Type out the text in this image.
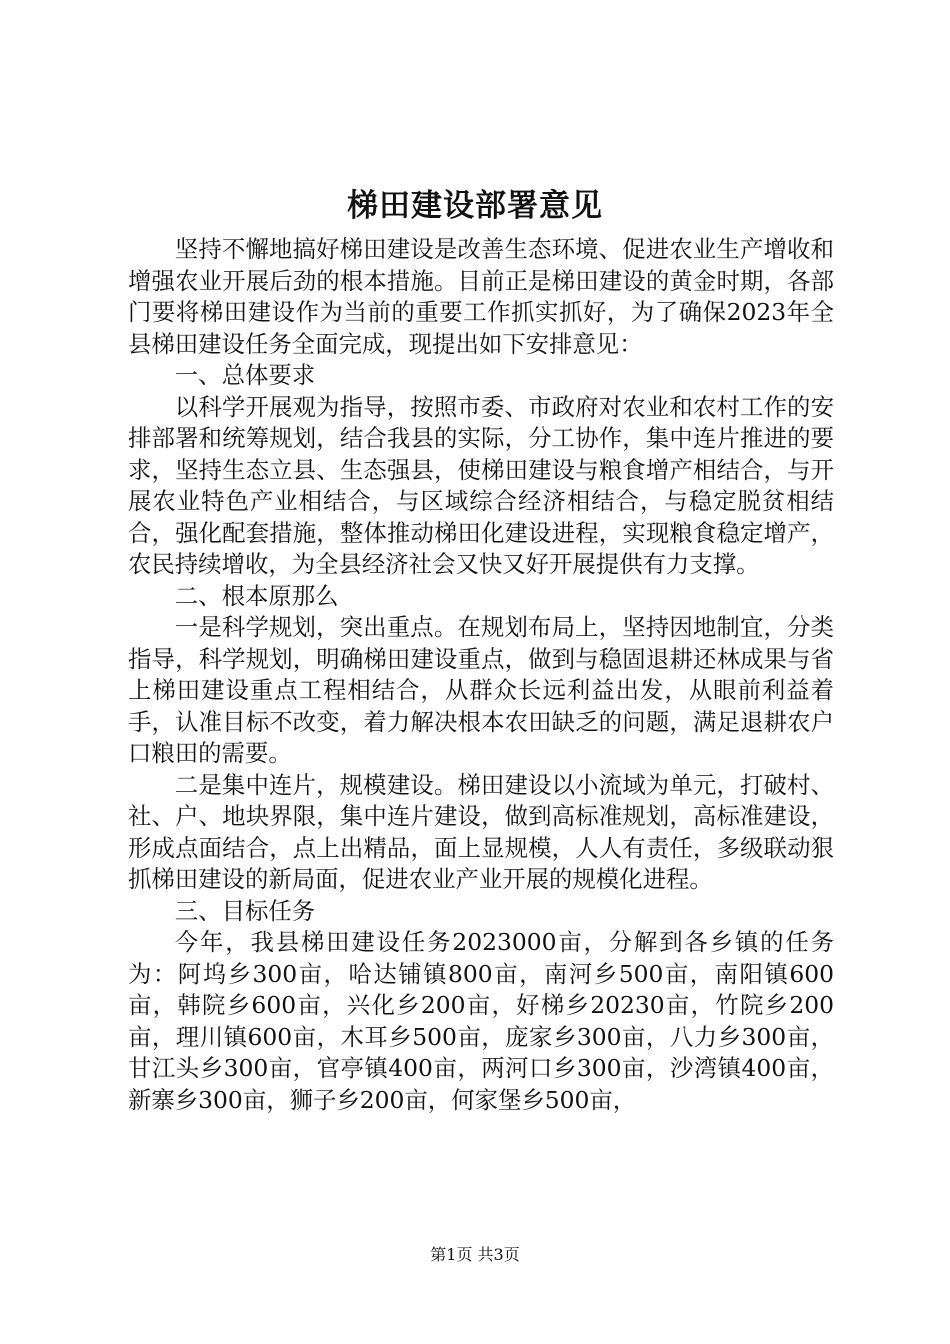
梯田建设部署意见

坚持不懈地搞好梯田建设是改善生态环境、促进农业生产增收和增强农业开展后劲的根本措施。目前正是梯田建设的黄金时期，各部门要将梯田建设作为当前的重要工作抓实抓好，为了确保2023年全县梯田建设任务全面完成，现提出如下安排意见：

一、总体要求

以科学开展观为指导，按照市委、市政府对农业和农村工作的安排部署和统筹规划，结合我县的实际，分工协作，集中连片推进的要求，坚持生态立县、生态强县，使梯田建设与粮食增产相结合，与开展农业特色产业相结合，与区域综合经济相结合，与稳定脱贫相结合，强化配套措施，整体推动梯田化建设进程，实现粮食稳定增产，农民持续增收，为全县经济社会又快又好开展提供有力支撑。

二、根本原那么

一是科学规划，突出重点。在规划布局上，坚持因地制宜，分类指导，科学规划，明确梯田建设重点，做到与稳固退耕还林成果与省上梯田建设重点工程相结合，从群众长远利益出发，从眼前利益着手，认准目标不改变，着力解决根本农田缺乏的问题，满足退耕农户口粮田的需要。

二是集中连片，规模建设。梯田建设以小流域为单元，打破村、社、户、地块界限，集中连片建设，做到高标准规划，高标准建设，形成点面结合，点上出精品，面上显规模，人人有责任，多级联动狠抓梯田建设的新局面，促进农业产业开展的规模化进程。

三、目标任务

今年，我县梯田建设任务2023000亩，分解到各乡镇的任务为：阿坞乡300亩，哈达铺镇800亩，南河乡500亩，南阳镇600亩，韩院乡600亩，兴化乡200亩，好梯乡20230亩，竹院乡200亩，理川镇600亩，木耳乡500亩，庞家乡300亩，八力乡300亩，甘江头乡300亩，官亭镇400亩，两河口乡300亩，沙湾镇400亩，新寨乡300亩，狮子乡200亩，何家堡乡500亩，

第1页 共3页
